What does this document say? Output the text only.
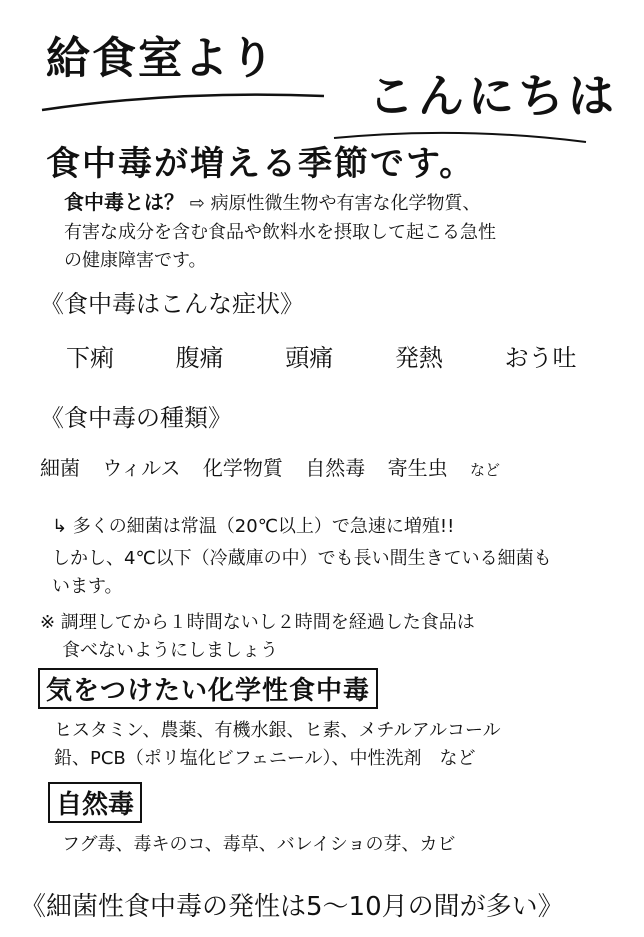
給食室より
こんにちは
食中毒が増える季節です。
食中毒とは？ ⇨ 病原性微生物や有害な化学物質、
有害な成分を含む食品や飲料水を摂取して起こる急性
の健康障害です。
《食中毒はこんな症状》
下痢	腹痛	頭痛	発熱	おう吐
《食中毒の種類》
細菌 ウィルス 化学物質 自然毒 寄生虫 など
↳ 多くの細菌は常温（20℃以上）で急速に増殖!!
しかし、4℃以下（冷蔵庫の中）でも長い間生きている細菌も
います。
※ 調理してから１時間ないし２時間を経過した食品は
食べないようにしましょう
気をつけたい化学性食中毒
ヒスタミン、農薬、有機水銀、ヒ素、メチルアルコール
鉛、PCB（ポリ塩化ビフェニール）、中性洗剤　など
自然毒
フグ毒、毒キのコ、毒草、バレイショの芽、カビ
《細菌性食中毒の発性は5～10月の間が多い》
